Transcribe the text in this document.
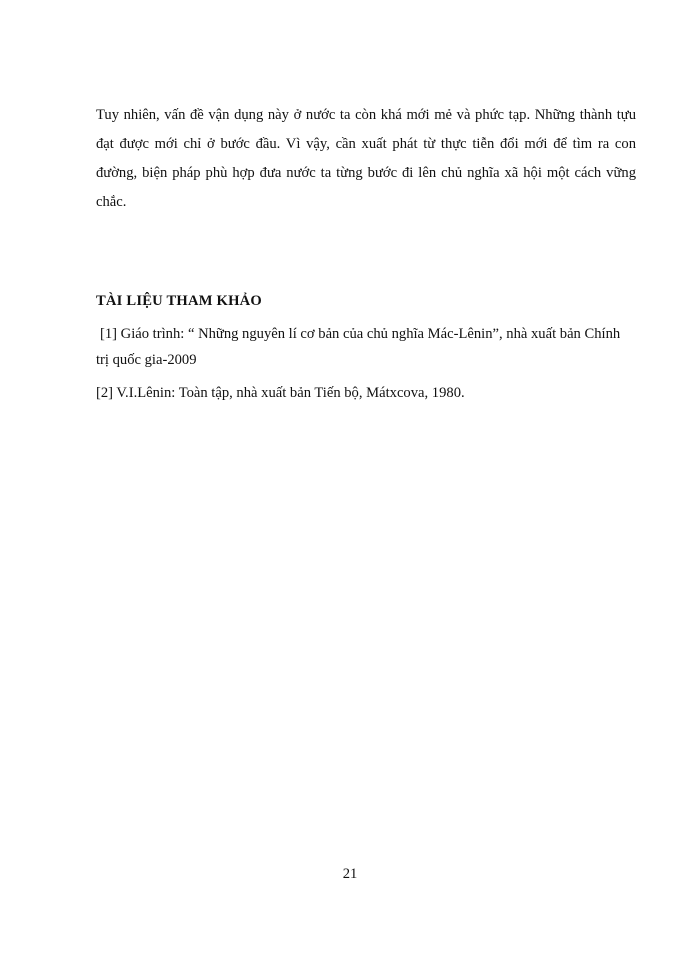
Tuy nhiên, vấn đề vận dụng này ở nước ta còn khá mới mẻ và phức tạp. Những thành tựu đạt được mới chỉ ở bước đầu. Vì vậy, cần xuất phát từ thực tiễn đổi mới để tìm ra con đường, biện pháp phù hợp đưa nước ta từng bước đi lên chủ nghĩa xã hội một cách vững chắc.

TÀI LIỆU THAM KHẢO
[1] Giáo trình: “ Những nguyên lí cơ bản của chủ nghĩa Mác-Lênin”, nhà xuất bản Chính trị quốc gia-2009
[2] V.I.Lênin: Toàn tập, nhà xuất bản Tiến bộ, Mátxcova, 1980.
21
